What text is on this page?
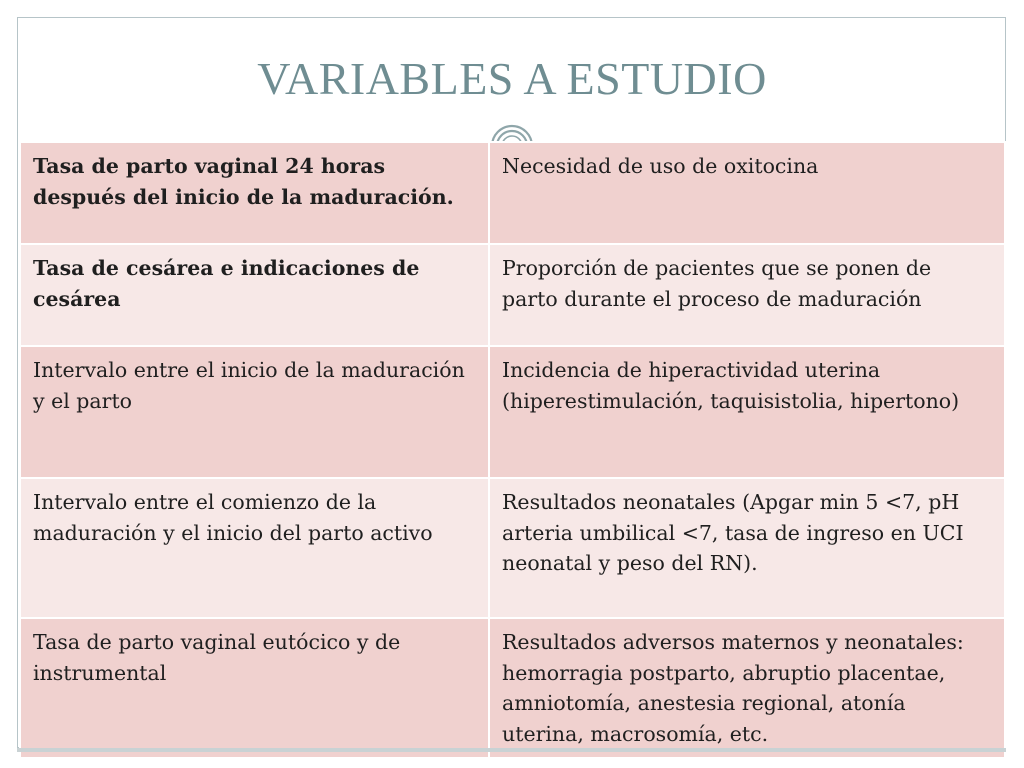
VARIABLES A ESTUDIO
Tasa de parto vaginal 24 horas después del inicio de la maduración.	Necesidad de uso de oxitocina
Tasa de cesárea e indicaciones de cesárea	Proporción de pacientes que se ponen de parto durante el proceso de maduración
Intervalo entre el inicio de la maduración y el parto	Incidencia de hiperactividad uterina (hiperestimulación, taquisistolia, hipertono)
Intervalo entre el comienzo de la maduración y el inicio del parto activo	Resultados neonatales (Apgar min 5 <7, pH arteria umbilical <7, tasa de ingreso en UCI neonatal y peso del RN).
Tasa de parto vaginal eutócico y de instrumental	Resultados adversos maternos y neonatales: hemorragia postparto, abruptio placentae, amniotomía, anestesia regional, atonía uterina, macrosomía, etc.
